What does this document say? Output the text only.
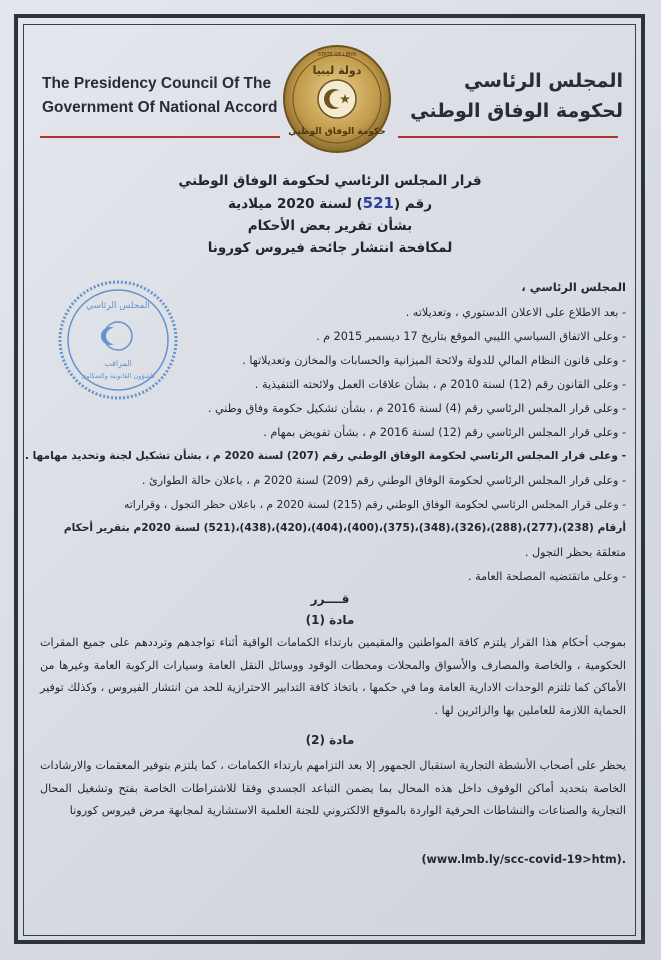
The Presidency Council Of The
Government Of National Accord
المجلس الرئاسي
لحكومة الوفاق الوطني
STATE OF LIBYA
دولة ليبيا
حكومة الوفاق الوطني
قرار المجلس الرئاسي لحكومة الوفاق الوطني
رقم (521) لسنة 2020 ميلادية
بشأن تقرير بعض الأحكام
لمكافحة انتشار جائحة فيروس كورونا
المجلس الرئاسي
المراقب
للشؤون القانونية والشكاوى
المجلس الرئاسي ،
- بعد الاطلاع على الاعلان الدستوري ، وتعديلاته .
- وعلى الاتفاق السياسي الليبي الموقع بتاريخ 17 ديسمبر 2015 م .
- وعلى قانون النظام المالي للدولة ولائحة الميزانية والحسابات والمخازن وتعديلاتها .
- وعلى القانون رقم (12) لسنة 2010 م ، بشأن علاقات العمل ولائحته التنفيذية .
- وعلى قرار المجلس الرئاسي رقم (4) لسنة 2016 م ، بشأن تشكيل حكومة وفاق وطني .
- وعلى قرار المجلس الرئاسي رقم (12) لسنة 2016 م ، بشأن تفويض بمهام .
- وعلى قرار المجلس الرئاسي لحكومة الوفاق الوطني رقم (207) لسنة 2020 م ، بشأن تشكيل لجنة وتحديد مهامها .
- وعلى قرار المجلس الرئاسي لحكومة الوفاق الوطني رقم (209) لسنة 2020 م ، باعلان حالة الطوارئ .
- وعلى قرار المجلس الرئاسي لحكومة الوفاق الوطني رقم (215) لسنة 2020 م ، باعلان حظر التجول ، وقراراته
أرقام (238)،(277)،(288)،(326)،(348)،(375)،(400)،(404)،(420)،(438)،(521) لسنة 2020م بتقرير أحكام
متعلقة بحظر التجول .
- وعلى ماتقتضيه المصلحة العامة .
قــــرر
مادة (1)
بموجب أحكام هذا القرار يلتزم كافة المواطنين والمقيمين بارتداء الكمامات الواقية أثناء تواجدهم وترددهم على جميع المقرات الحكومية ، والخاصة والمصارف والأسواق والمحلات ومحطات الوقود ووسائل النقل العامة وسيارات الركوبة العامة وغيرها من الأماكن كما تلتزم الوحدات الادارية العامة وما في حكمها ، باتخاذ كافة التدابير الاحترازية للحد من انتشار الفيروس ، وكذلك توفير الحماية اللازمة للعاملين بها والزائرين لها .
مادة (2)
يحظر على أصحاب الأنشطة التجارية استقبال الجمهور إلا بعد التزامهم بارتداء الكمامات ، كما يلتزم بتوفير المعقمات والارشادات الخاصة بتحديد أماكن الوقوف داخل هذه المحال بما يضمن التباعد الجسدي وفقا للاشتراطات الخاصة بفتح وتشغيل المحال التجارية والصناعات والنشاطات الحرفية الواردة بالموقع الالكتروني للجنة العلمية الاستشارية لمجابهة مرض فيروس كورونا
(www.lmb.ly/scc-covid-19>htm).
